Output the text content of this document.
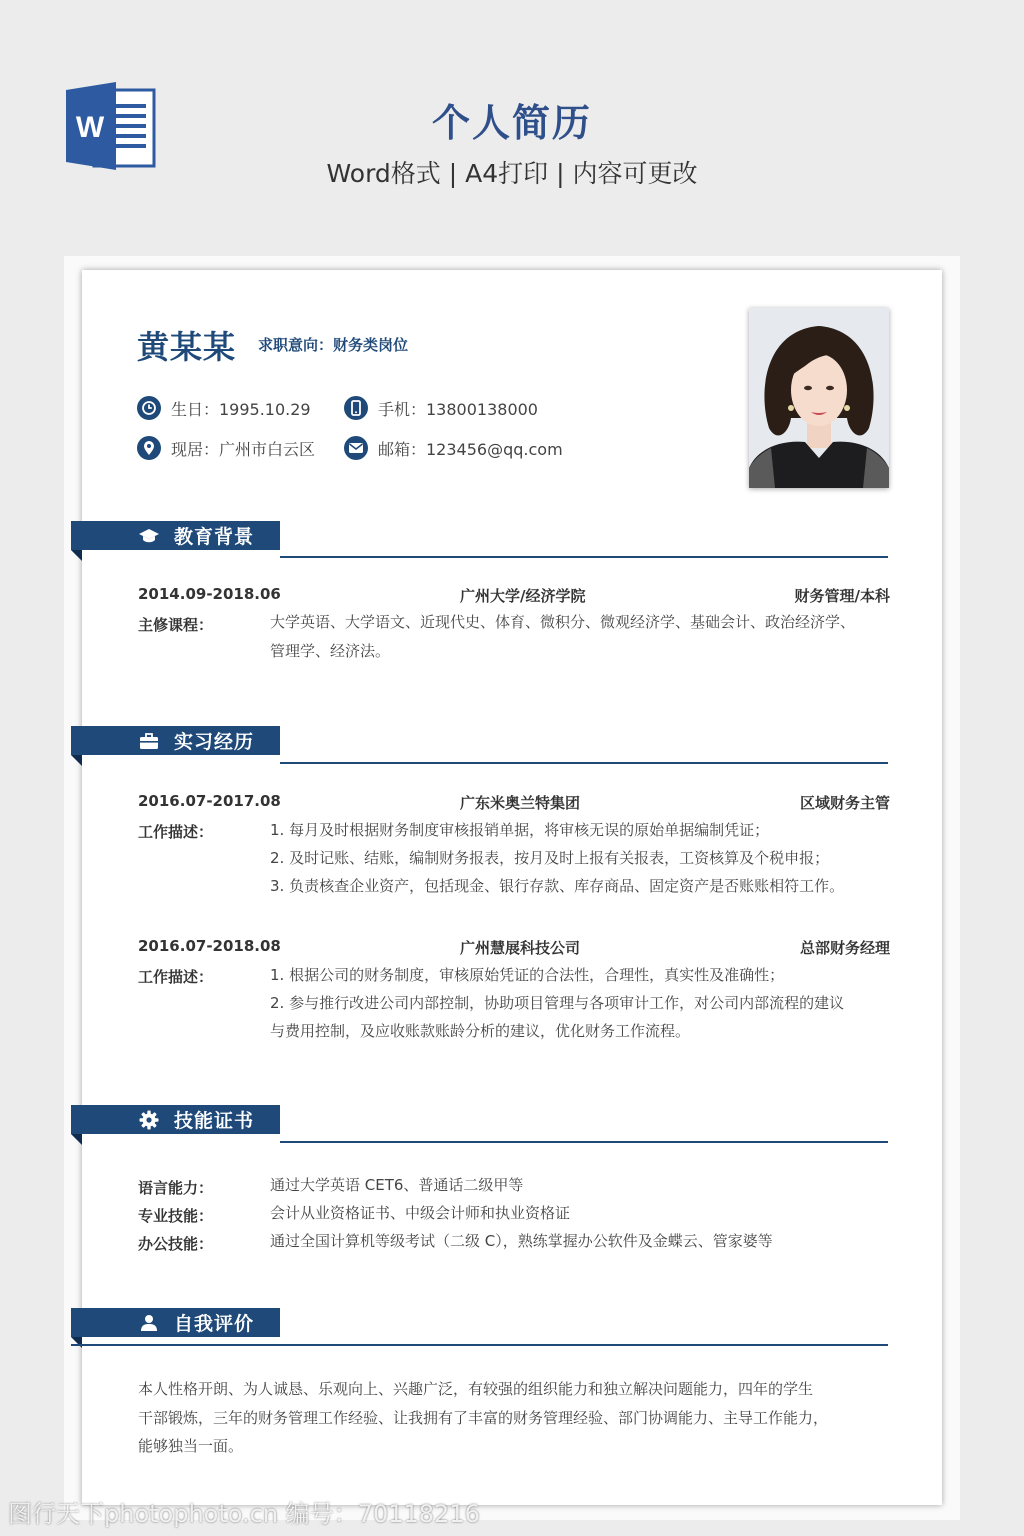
W	个人简历
Word格式 | A4打印 | 内容可更改
黄某某 求职意向：财务类岗位
生日：1995.10.29	手机：13800138000
现居：广州市白云区	邮箱：123456@qq.com
教育背景
2014.09-2018.06	广州大学/经济学院	财务管理/本科
主修课程：	大学英语、大学语文、近现代史、体育、微积分、微观经济学、基础会计、政治经济学、
管理学、经济法。
实习经历
2016.07-2017.08	广东米奥兰特集团	区域财务主管
工作描述：	1. 每月及时根据财务制度审核报销单据，将审核无误的原始单据编制凭证；
2. 及时记账、结账，编制财务报表，按月及时上报有关报表，工资核算及个税申报；
3. 负责核查企业资产，包括现金、银行存款、库存商品、固定资产是否账账相符工作。
2016.07-2018.08	广州慧展科技公司	总部财务经理
工作描述：	1. 根据公司的财务制度，审核原始凭证的合法性，合理性，真实性及准确性；
2. 参与推行改进公司内部控制，协助项目管理与各项审计工作，对公司内部流程的建议
与费用控制，及应收账款账龄分析的建议，优化财务工作流程。
技能证书
语言能力：	通过大学英语 CET6、普通话二级甲等
专业技能：	会计从业资格证书、中级会计师和执业资格证
办公技能：	通过全国计算机等级考试（二级 C），熟练掌握办公软件及金蝶云、管家婆等
自我评价
本人性格开朗、为人诚恳、乐观向上、兴趣广泛，有较强的组织能力和独立解决问题能力，四年的学生
干部锻炼，三年的财务管理工作经验、让我拥有了丰富的财务管理经验、部门协调能力、主导工作能力，
能够独当一面。
图行天下photophoto.cn 编号：70118216
